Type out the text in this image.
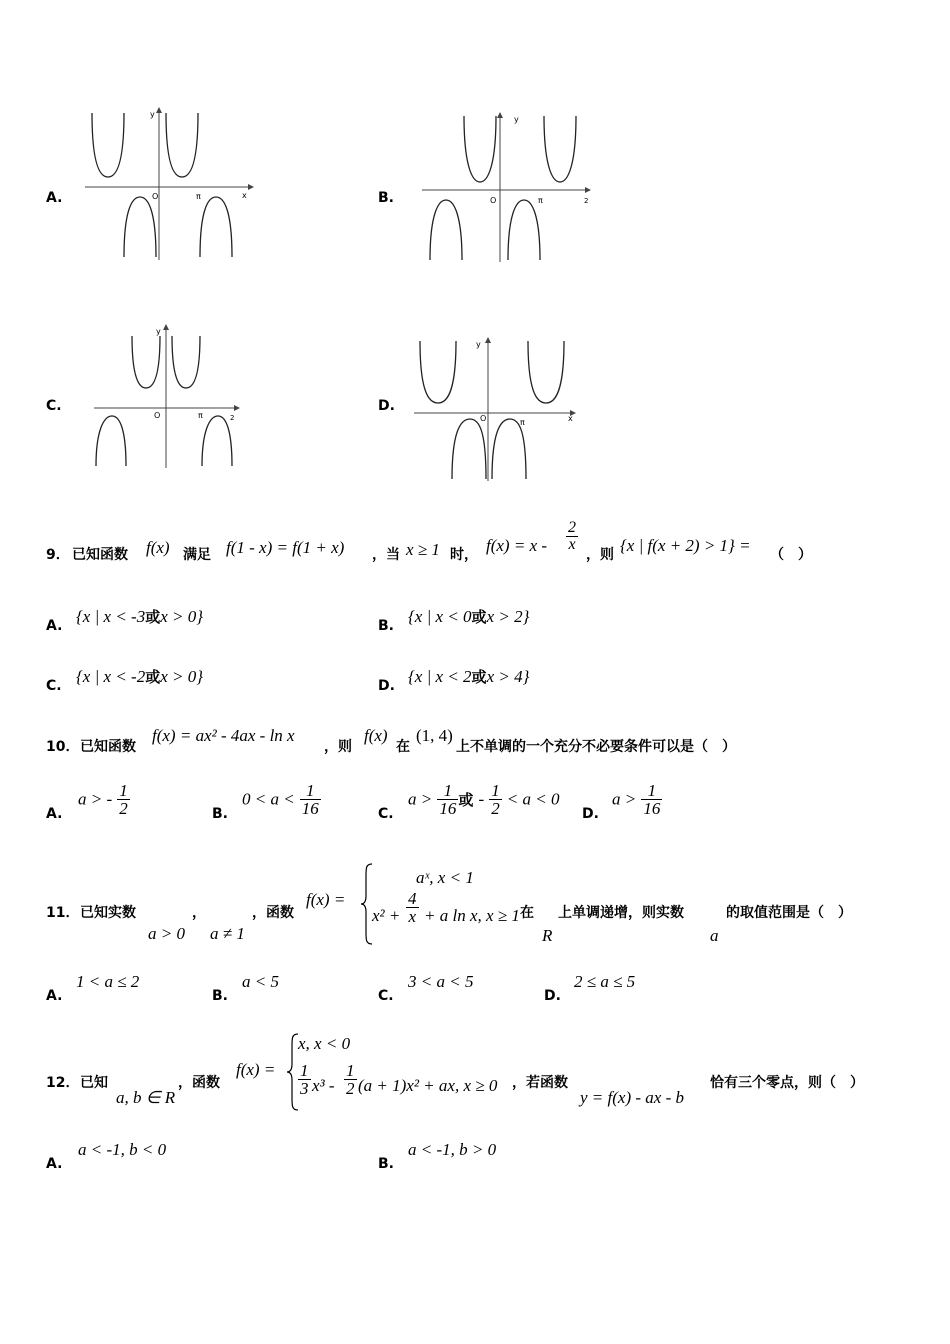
A.
y
x
O	π	B.
y
2
O	π
C.
y
2
O	π
D.
y
x
O	π
9． 已知函数 f(x) 满足 f(1 - x) = f(1 + x) ，当 x ≥ 1 时， $f(x) = x - \frac{2}{x}$
，则 {x | f(x + 2) > 1} = （　）
A. {x | x < -3或x > 0}	B. {x | x < 0或x > 2}
C. {x | x < -2或x > 0}	D. {x | x < 2或x > 4}
10． 已知函数
f(x) = ax² - 4ax - ln x
，则
f(x)
在
(1, 4)
上不单调的一个充分不必要条件可以是（　）
A.
a > - $\frac{1}{2}$	B.
$0 < a < \frac{1}{16}$	C.
$a > \frac{1}{16}$ 或 - $\frac{1}{2} < a < 0$
D.
$a > \frac{1}{16}$
11． 已知实数
a > 0
，
a ≠ 1
，函数
f(x) =
aˣ, x < 1
$x^2 + \frac{4}{x} + a$ ln x, x ≥ 1 在
R
上单调递增，则实数
a
的取值范围是（　）
A.
1 < a ≤ 2
B.
a < 5
C.
3 < a < 5
D.
2 ≤ a ≤ 5
12． 已知
a, b ∈ R
，函数
f(x) =
x, x < 0
$\frac{1}{3} x^3 - \frac{1}{2} (a + 1)x^2$ + ax, x ≥ 0 ，若函数
y = f(x) - ax - b
恰有三个零点，则（　）
A.
a < -1, b < 0
B.
a < -1, b > 0
